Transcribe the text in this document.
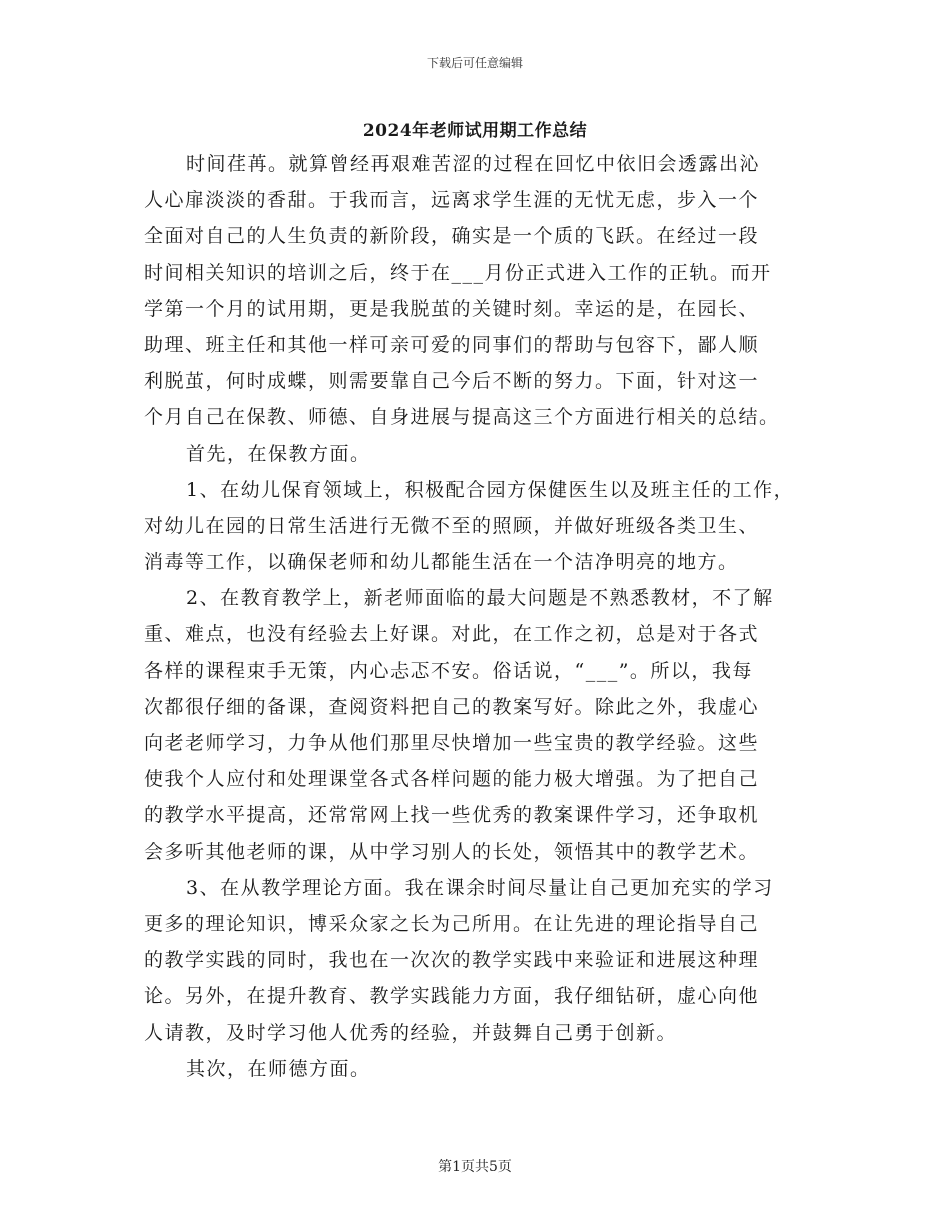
下载后可任意编辑
2024年老师试用期工作总结
时间荏苒。就算曾经再艰难苦涩的过程在回忆中依旧会透露出沁
人心扉淡淡的香甜。于我而言，远离求学生涯的无忧无虑，步入一个
全面对自己的人生负责的新阶段，确实是一个质的飞跃。在经过一段
时间相关知识的培训之后，终于在___月份正式进入工作的正轨。而开
学第一个月的试用期，更是我脱茧的关键时刻。幸运的是，在园长、
助理、班主任和其他一样可亲可爱的同事们的帮助与包容下，鄙人顺
利脱茧，何时成蝶，则需要靠自己今后不断的努力。下面，针对这一
个月自己在保教、师德、自身进展与提高这三个方面进行相关的总结。
首先，在保教方面。
1、在幼儿保育领域上，积极配合园方保健医生以及班主任的工作，
对幼儿在园的日常生活进行无微不至的照顾，并做好班级各类卫生、
消毒等工作，以确保老师和幼儿都能生活在一个洁净明亮的地方。
2、在教育教学上，新老师面临的最大问题是不熟悉教材，不了解
重、难点，也没有经验去上好课。对此，在工作之初，总是对于各式
各样的课程束手无策，内心忐忑不安。俗话说，“___”。所以，我每
次都很仔细的备课，查阅资料把自己的教案写好。除此之外，我虚心
向老老师学习，力争从他们那里尽快增加一些宝贵的教学经验。这些
使我个人应付和处理课堂各式各样问题的能力极大增强。为了把自己
的教学水平提高，还常常网上找一些优秀的教案课件学习，还争取机
会多听其他老师的课，从中学习别人的长处，领悟其中的教学艺术。
3、在从教学理论方面。我在课余时间尽量让自己更加充实的学习
更多的理论知识，博采众家之长为己所用。在让先进的理论指导自己
的教学实践的同时，我也在一次次的教学实践中来验证和进展这种理
论。另外，在提升教育、教学实践能力方面，我仔细钻研，虚心向他
人请教，及时学习他人优秀的经验，并鼓舞自己勇于创新。
其次，在师德方面。
第1页共5页
